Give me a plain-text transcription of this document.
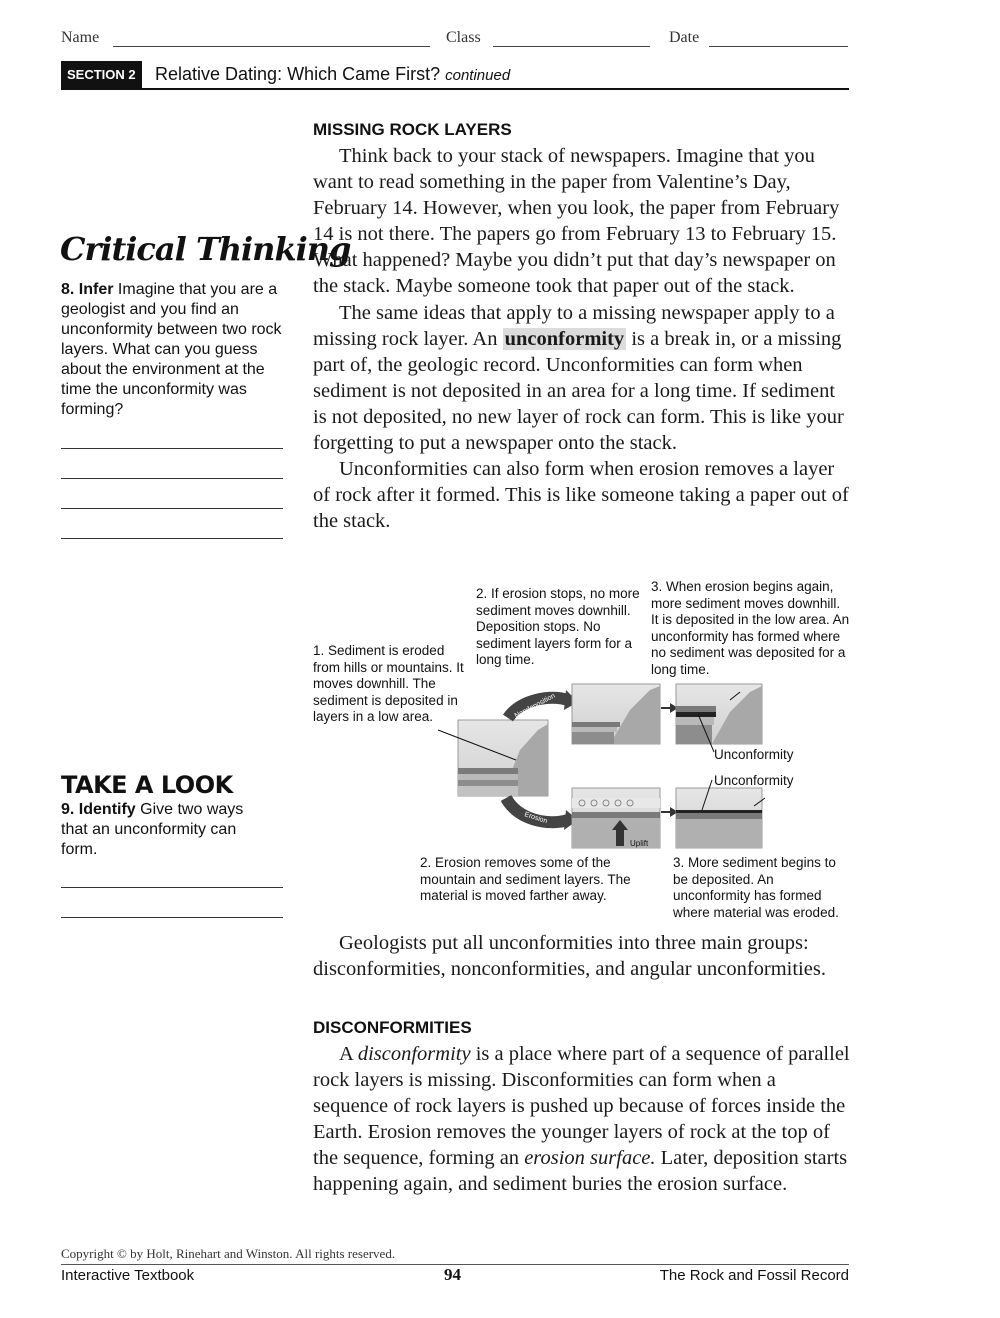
Name	Class	Date
SECTION 2	Relative Dating: Which Came First? continued
Critical Thinking
8. Infer Imagine that you are a geologist and you find an unconformity between two rock layers. What can you guess about the environment at the time the unconformity was forming?
TAKE A LOOK
9. Identify Give two ways that an unconformity can form.
MISSING ROCK LAYERS

Think back to your stack of newspapers. Imagine that you want to read something in the paper from Valentine’s Day, February 14. However, when you look, the paper from February 14 is not there. The papers go from February 13 to February 15. What happened? Maybe you didn’t put that day’s newspaper on the stack. Maybe someone took that paper out of the stack.

The same ideas that apply to a missing newspaper apply to a missing rock layer. An unconformity is a break in, or a missing part of, the geologic record. Unconformities can form when sediment is not deposited in an area for a long time. If sediment is not deposited, no new layer of rock can form. This is like your forgetting to put a newspaper onto the stack.

Unconformities can also form when erosion removes a layer of rock after it formed. This is like someone taking a paper out of the stack.

2. If erosion stops, no more sediment moves downhill. Deposition stops. No sediment layers form for a long time.
3. When erosion begins again, more sediment moves downhill. It is deposited in the low area. An unconformity has formed where no sediment was deposited for a long time.
1. Sediment is eroded from hills or mountains. It moves downhill. The sediment is deposited in layers in a low area.	Nondeposition
Erosion
Uplift
Unconformity
Unconformity
2. Erosion removes some of the mountain and sediment layers. The material is moved farther away.
3. More sediment begins to be deposited. An unconformity has formed where material was eroded.

Geologists put all unconformities into three main groups: disconformities, nonconformities, and angular unconformities.

DISCONFORMITIES

A disconformity is a place where part of a sequence of parallel rock layers is missing. Disconformities can form when a sequence of rock layers is pushed up because of forces inside the Earth. Erosion removes the younger layers of rock at the top of the sequence, forming an erosion surface. Later, deposition starts happening again, and sediment buries the erosion surface.

Copyright © by Holt, Rinehart and Winston. All rights reserved.
Interactive Textbook	94	The Rock and Fossil Record
